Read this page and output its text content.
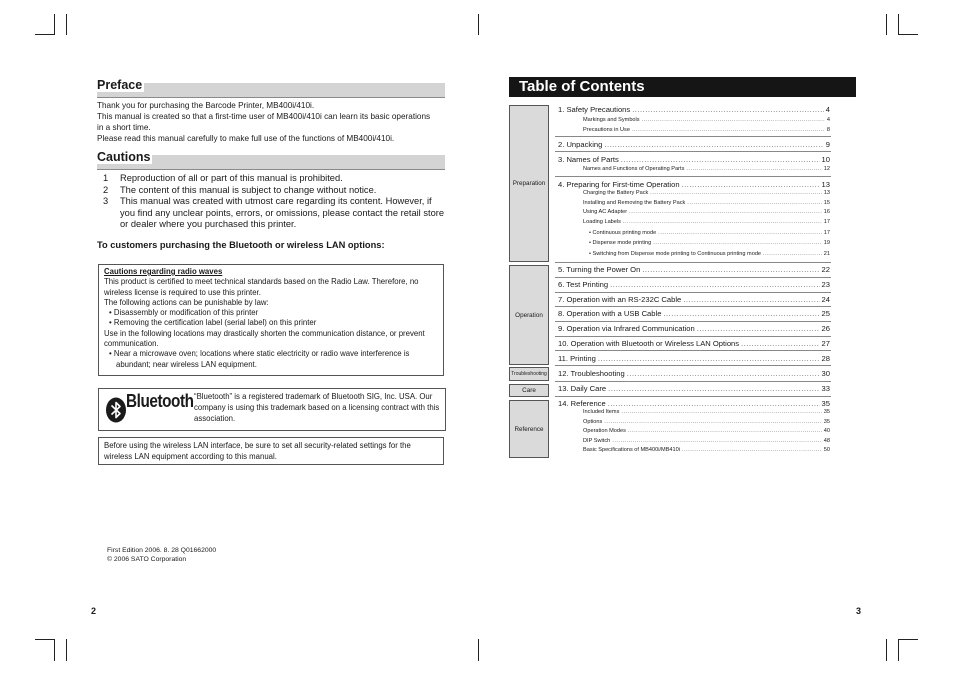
Preface
Thank you for purchasing the Barcode Printer, MB400i/410i.
This manual is created so that a first-time user of MB400i/410i can learn its basic operations
in a short time.
Please read this manual carefully to make full use of the functions of MB400i/410i.
Cautions
1 Reproduction of all or part of this manual is prohibited.
2 The content of this manual is subject to change without notice.
3 This manual was created with utmost care regarding its content. However, if you find any unclear points, errors, or omissions, please contact the retail store or dealer where you purchased this printer.
To customers purchasing the Bluetooth or wireless LAN options:
Cautions regarding radio waves
This product is certified to meet technical standards based on the Radio Law. Therefore, no wireless license is required to use this printer.
The following actions can be punishable by law:
• Disassembly or modification of this printer
• Removing the certification label (serial label) on this printer
Use in the following locations may drastically shorten the communication distance, or prevent communication.
• Near a microwave oven; locations where static electricity or radio wave interference is abundant; near wireless LAN equipment.
Bluetooth “Bluetooth” is a registered trademark of Bluetooth SIG, Inc. USA. Our company is using this trademark based on a licensing contract with this association.
Before using the wireless LAN interface, be sure to set all security-related settings for the wireless LAN equipment according to this manual.
First Edition 2006. 8. 28 Q01662000
© 2006 SATO Corporation
2
Table of Contents
Preparation
Operation
Troubleshooting
Care
Reference
1. Safety Precautions .....	4
Markings and Symbols .....	4
Precautions in Use .....	8
2. Unpacking .....	9
3. Names of Parts .....	10
Names and Functions of Operating Parts .....	12
4. Preparing for First-time Operation .....	13
Charging the Battery Pack .....	13
Installing and Removing the Battery Pack .....	15
Using AC Adapter .....	16
Loading Labels .....	17
• Continuous printing mode .....	17
• Dispense mode printing .....	19
• Switching from Dispense mode printing to Continuous printing mode .....	21
5. Turning the Power On .....	22
6. Test Printing .....	23
7. Operation with an RS-232C Cable .....	24
8. Operation with a USB Cable .....	25
9. Operation via Infrared Communication .....	26
10. Operation with Bluetooth or Wireless LAN Options .....	27
11. Printing .....	28
12. Troubleshooting .....	30
13. Daily Care .....	33
14. Reference .....	35
Included Items .....	35
Options .....	35
Operation Modes .....	40
DIP Switch .....	48
Basic Specifications of MB400i/MB410i .....	50
3
